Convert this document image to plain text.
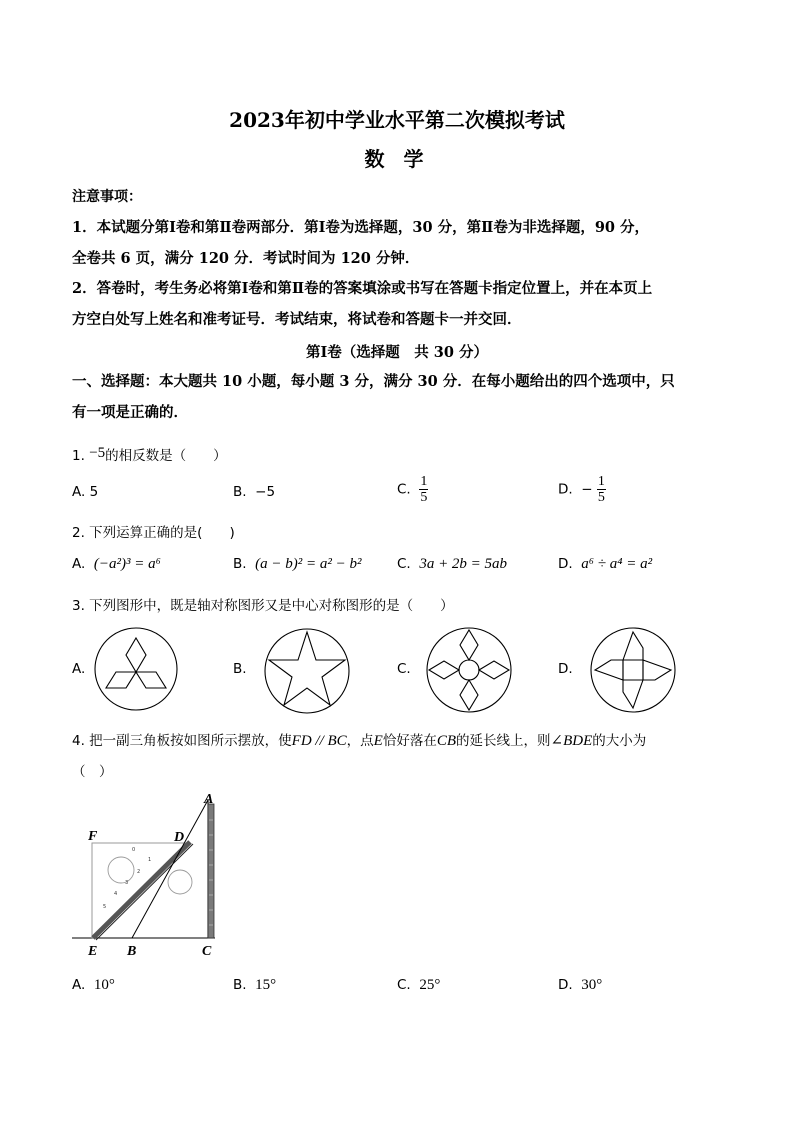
2023年初中学业水平第二次模拟考试
数 学
注意事项：
1．本试题分第Ⅰ卷和第Ⅱ卷两部分．第Ⅰ卷为选择题，30 分，第Ⅱ卷为非选择题，90 分，
全卷共 6 页，满分 120 分．考试时间为 120 分钟．
2．答卷时，考生务必将第Ⅰ卷和第Ⅱ卷的答案填涂或书写在答题卡指定位置上，并在本页上
方空白处写上姓名和准考证号．考试结束，将试卷和答题卡一并交回．
第Ⅰ卷（选择题　共 30 分）
一、选择题：本大题共 10 小题，每小题 3 分，满分 30 分．在每小题给出的四个选项中，只
有一项是正确的．
1. −5的相反数是（　　）
A. 5	B. −5	C. $\frac{1}{5}$	D. − $\frac{1}{5}$
2. 下列运算正确的是(　　)
A. (−a²)³ = a⁶	B. (a − b)² = a² − b²	C. 3a + 2b = 5ab	D. a⁶ ÷ a⁴ = a²
3. 下列图形中，既是轴对称图形又是中心对称图形的是（　　）
A.	B.	C.	D.
4. 把一副三角板按如图所示摆放，使FD // BC，点E恰好落在CB的延长线上，则∠BDE的大小为
（　）
0
1
2
3
4
5
A
F	D
E B	C
A. 10°	B. 15°	C. 25°	D. 30°
